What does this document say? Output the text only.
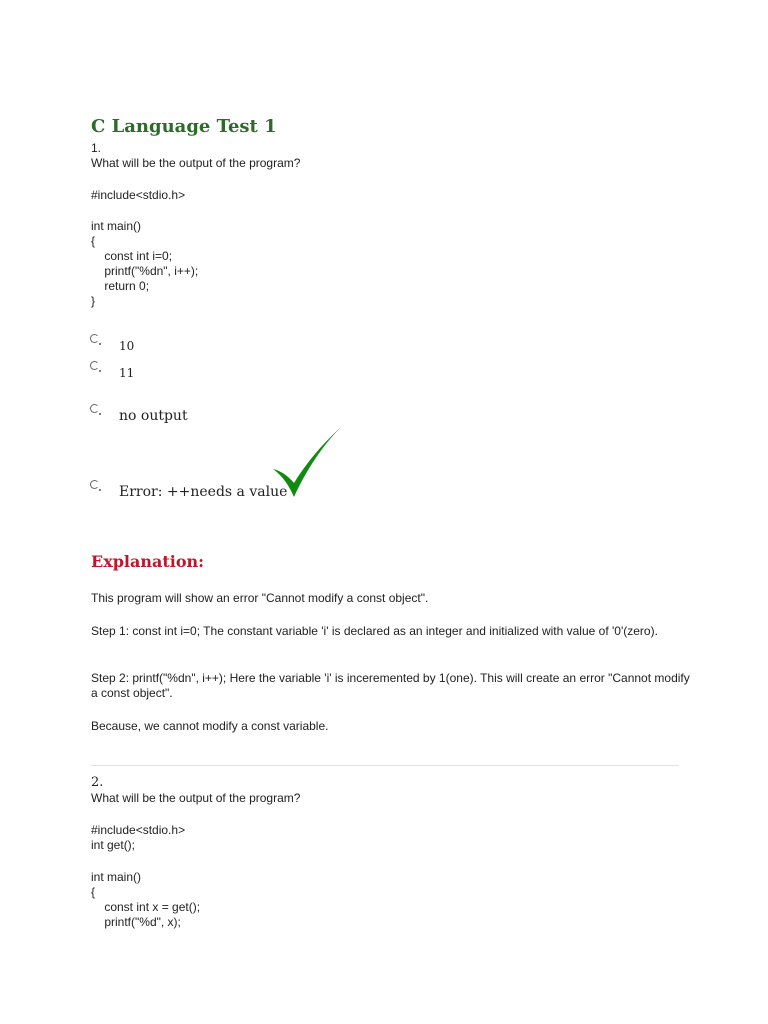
C Language Test 1
1.
What will be the output of the program?
#include<stdio.h>
int main()
{
const int i=0;
printf("%dn", i++);
return 0;
}
10
11
no output
Error: ++needs a value
Explanation:

This program will show an error "Cannot modify a const object".

Step 1: const int i=0; The constant variable 'i' is declared as an integer and initialized with value of '0'(zero).

Step 2: printf("%dn", i++); Here the variable 'i' is inceremented by 1(one). This will create an error "Cannot modify a const object".

Because, we cannot modify a const variable.

2.
What will be the output of the program?
#include<stdio.h>
int get();
int main()
{
const int x = get();
printf("%d", x);
